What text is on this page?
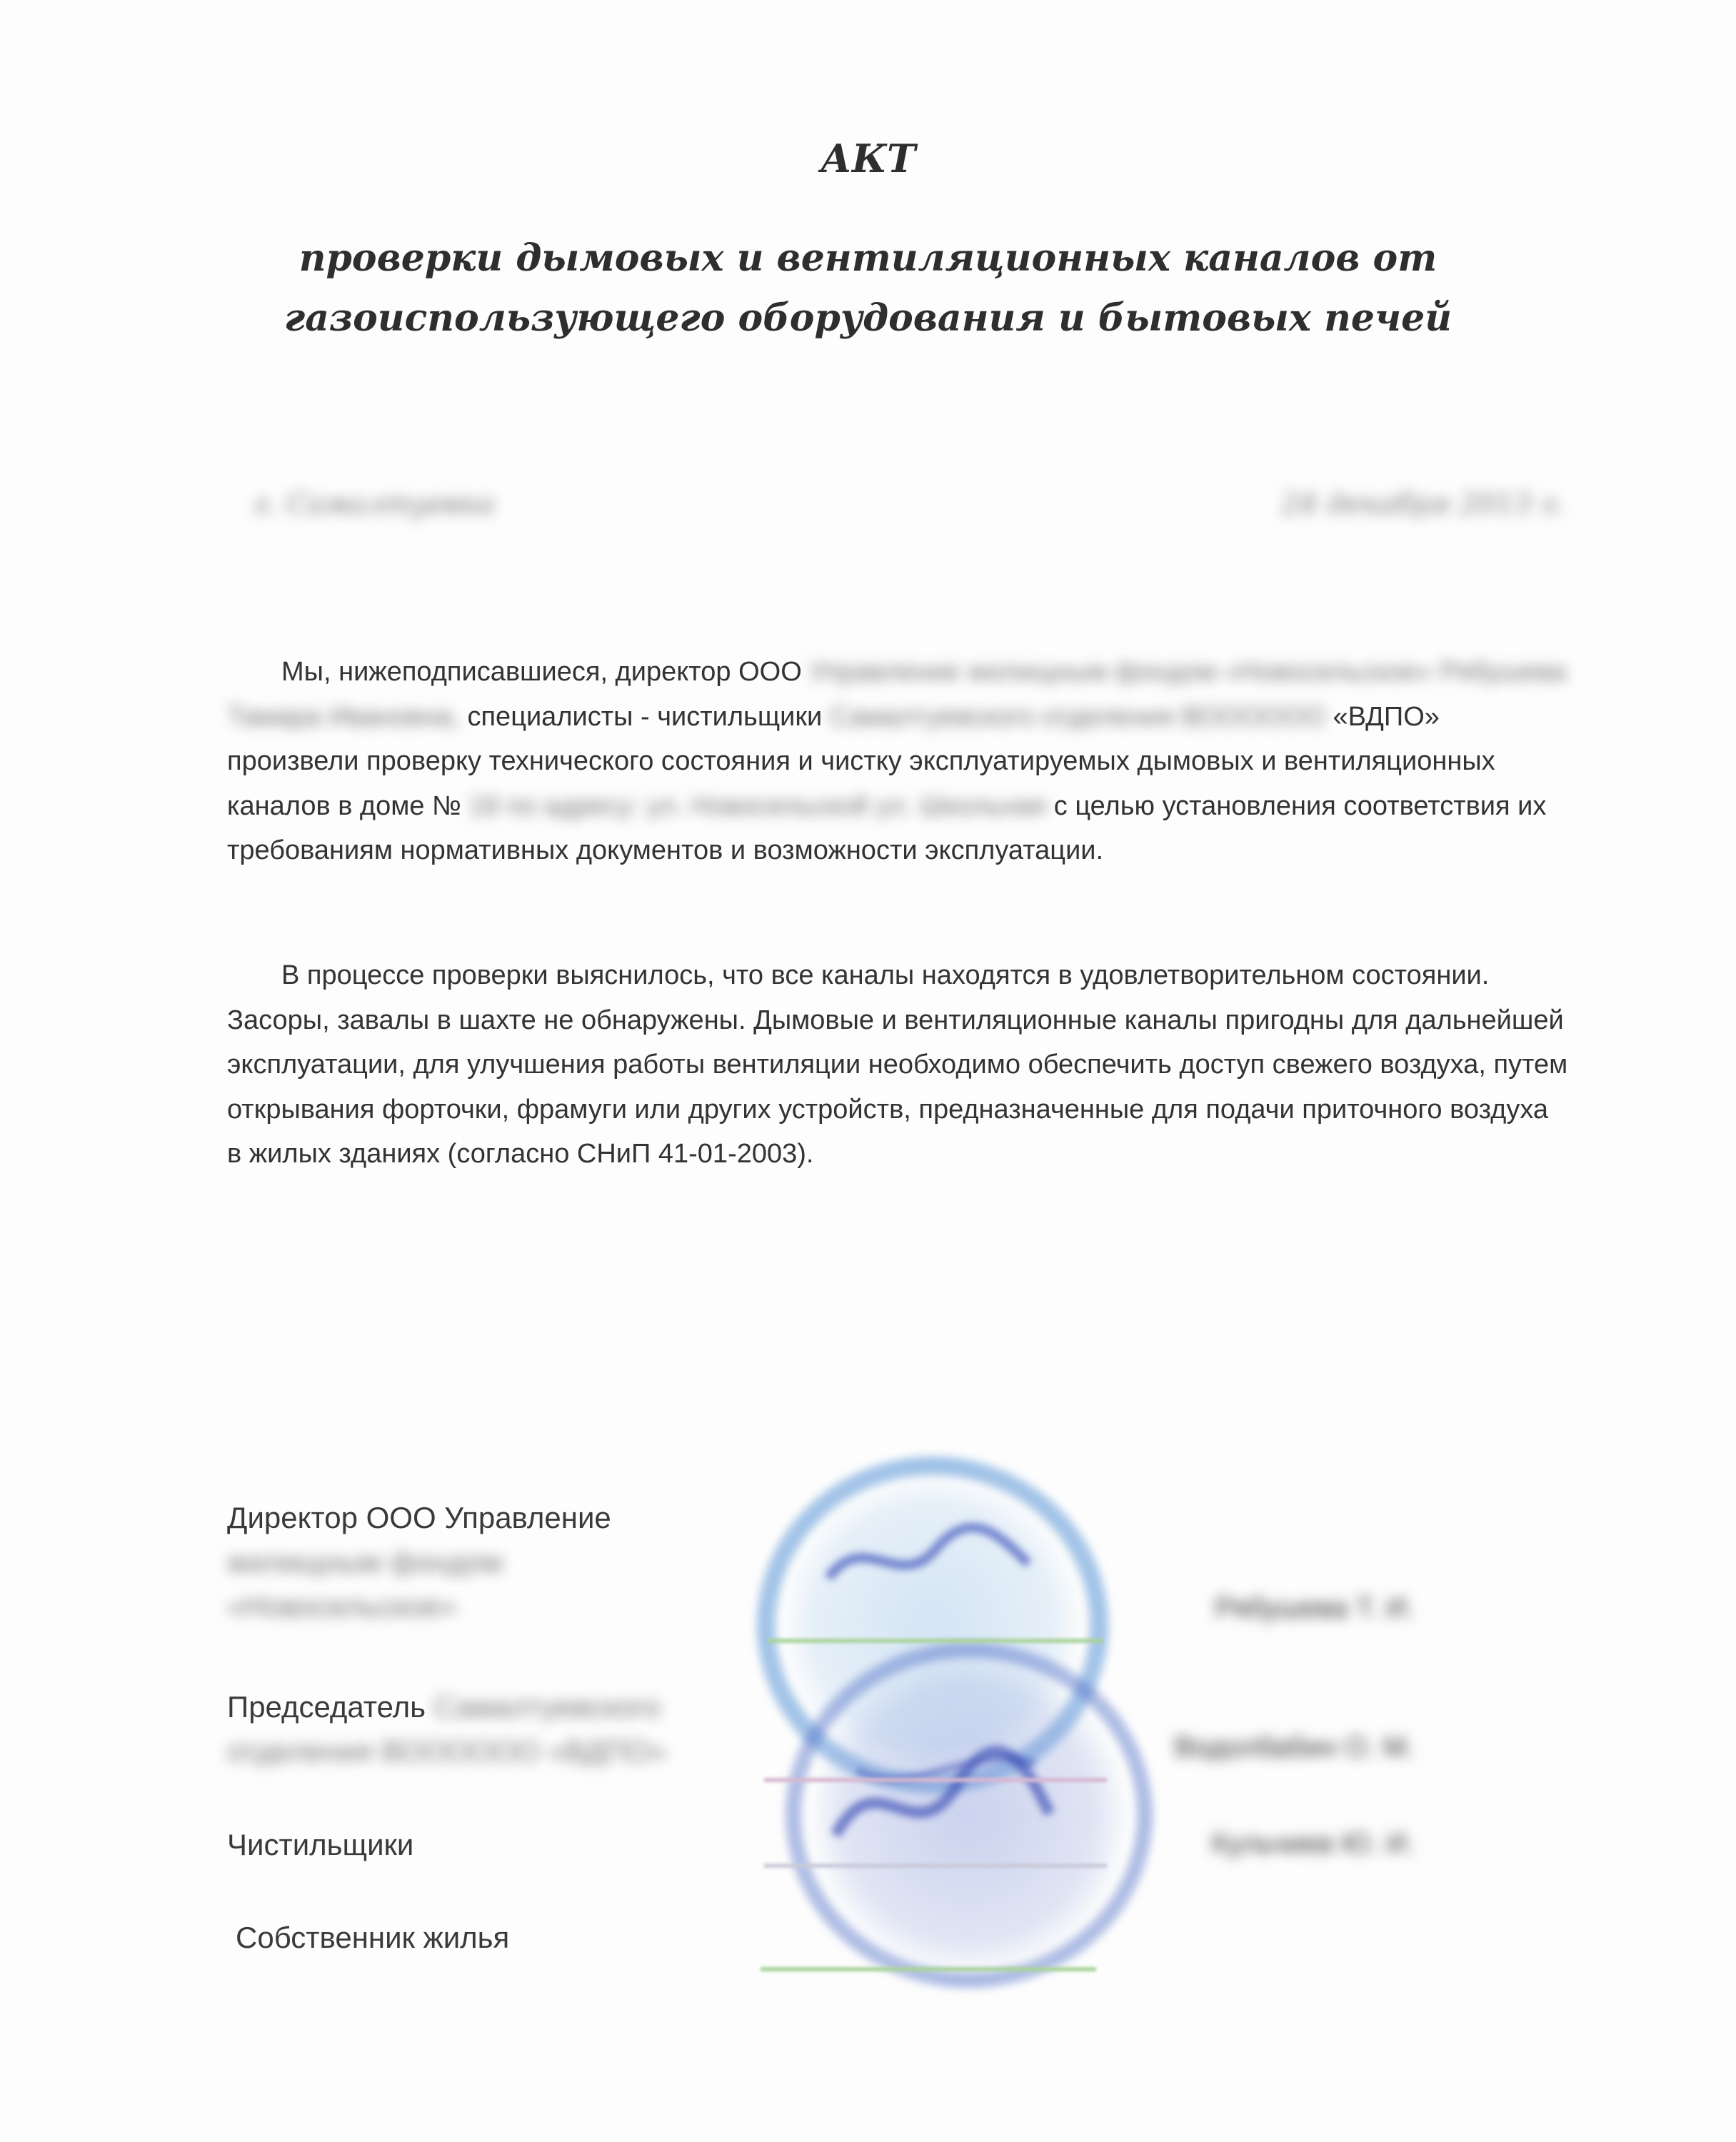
АКТ
проверки дымовых и вентиляционных каналов от
газоиспользующего оборудования и бытовых печей
г. Самалтуевка	24 декабря 2013 г.
Мы, нижеподписавшиеся, директор ООО Управление жилищным фондом «Новосельское» Рябушева Тамара Ивановна, специалисты - чистильщики Самалтуевского отделения ВОООООО «ВДПО» произвели проверку технического состояния и чистку эксплуатируемых дымовых и вентиляционных каналов в доме № 18 по адресу: ул. Новосельской ул. Школьная с целью установления соответствия их требованиям нормативных документов и возможности эксплуатации.
В процессе проверки выяснилось, что все каналы находятся в удовлетворительном состоянии. Засоры, завалы в шахте не обнаружены. Дымовые и вентиляционные каналы пригодны для дальнейшей эксплуатации, для улучшения работы вентиляции необходимо обеспечить доступ свежего воздуха, путем открывания форточки, фрамуги или других устройств, предназначенные для подачи приточного воздуха в жилых зданиях (согласно СНиП 41-01-2003).
Директор ООО Управление
жилищным фондом
«Новосельское»	Рябушева Т. И.
Председатель Самалтуевского
отделения ВОООООО «ВДПО»	Водолбабин О. М.
Чистильщики	Кульчиев Ю. И.
Собственник жилья
